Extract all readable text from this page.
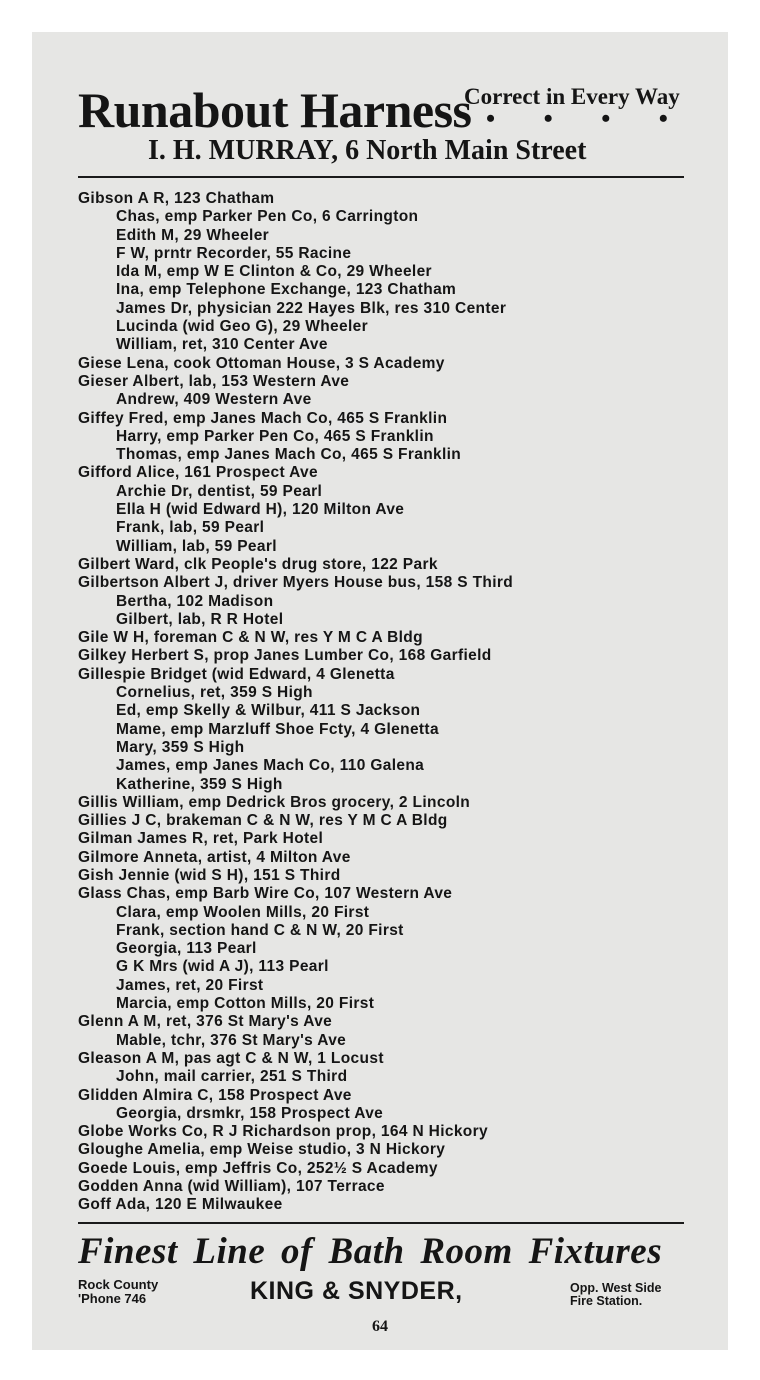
Runabout Harness
Correct in Every Way
• • • •
I. H. MURRAY, 6 North Main Street
Gibson A R, 123 Chatham
Chas, emp Parker Pen Co, 6 Carrington
Edith M, 29 Wheeler
F W, prntr Recorder, 55 Racine
Ida M, emp W E Clinton & Co, 29 Wheeler
Ina, emp Telephone Exchange, 123 Chatham
James Dr, physician 222 Hayes Blk, res 310 Center
Lucinda (wid Geo G), 29 Wheeler
William, ret, 310 Center Ave
Giese Lena, cook Ottoman House, 3 S Academy
Gieser Albert, lab, 153 Western Ave
Andrew, 409 Western Ave
Giffey Fred, emp Janes Mach Co, 465 S Franklin
Harry, emp Parker Pen Co, 465 S Franklin
Thomas, emp Janes Mach Co, 465 S Franklin
Gifford Alice, 161 Prospect Ave
Archie Dr, dentist, 59 Pearl
Ella H (wid Edward H), 120 Milton Ave
Frank, lab, 59 Pearl
William, lab, 59 Pearl
Gilbert Ward, clk People's drug store, 122 Park
Gilbertson Albert J, driver Myers House bus, 158 S Third
Bertha, 102 Madison
Gilbert, lab, R R Hotel
Gile W H, foreman C & N W, res Y M C A Bldg
Gilkey Herbert S, prop Janes Lumber Co, 168 Garfield
Gillespie Bridget (wid Edward, 4 Glenetta
Cornelius, ret, 359 S High
Ed, emp Skelly & Wilbur, 411 S Jackson
Mame, emp Marzluff Shoe Fcty, 4 Glenetta
Mary, 359 S High
James, emp Janes Mach Co, 110 Galena
Katherine, 359 S High
Gillis William, emp Dedrick Bros grocery, 2 Lincoln
Gillies J C, brakeman C & N W, res Y M C A Bldg
Gilman James R, ret, Park Hotel
Gilmore Anneta, artist, 4 Milton Ave
Gish Jennie (wid S H), 151 S Third
Glass Chas, emp Barb Wire Co, 107 Western Ave
Clara, emp Woolen Mills, 20 First
Frank, section hand C & N W, 20 First
Georgia, 113 Pearl
G K Mrs (wid A J), 113 Pearl
James, ret, 20 First
Marcia, emp Cotton Mills, 20 First
Glenn A M, ret, 376 St Mary's Ave
Mable, tchr, 376 St Mary's Ave
Gleason A M, pas agt C & N W, 1 Locust
John, mail carrier, 251 S Third
Glidden Almira C, 158 Prospect Ave
Georgia, drsmkr, 158 Prospect Ave
Globe Works Co, R J Richardson prop, 164 N Hickory
Gloughe Amelia, emp Weise studio, 3 N Hickory
Goede Louis, emp Jeffris Co, 252½ S Academy
Godden Anna (wid William), 107 Terrace
Goff Ada, 120 E Milwaukee
Finest Line of Bath Room Fixtures
Rock County
'Phone 746	KING & SNYDER,	Opp. West Side
Fire Station.
64
